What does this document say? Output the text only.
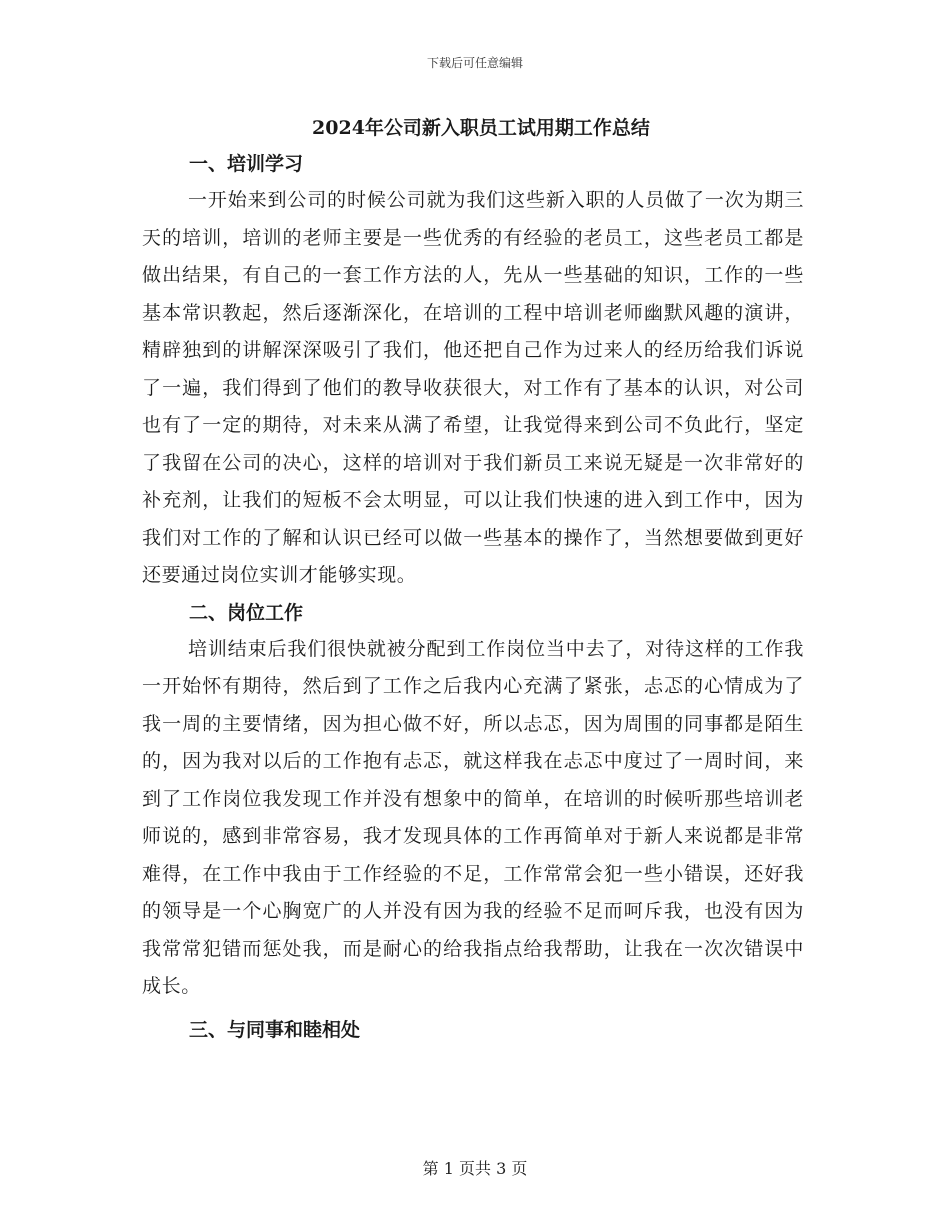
下载后可任意编辑
2024年公司新入职员工试用期工作总结
一、培训学习

一开始来到公司的时候公司就为我们这些新入职的人员做了一次为期三天的培训，培训的老师主要是一些优秀的有经验的老员工，这些老员工都是做出结果，有自己的一套工作方法的人，先从一些基础的知识，工作的一些基本常识教起，然后逐渐深化，在培训的工程中培训老师幽默风趣的演讲，精辟独到的讲解深深吸引了我们，他还把自己作为过来人的经历给我们诉说了一遍，我们得到了他们的教导收获很大，对工作有了基本的认识，对公司也有了一定的期待，对未来从满了希望，让我觉得来到公司不负此行，坚定了我留在公司的决心，这样的培训对于我们新员工来说无疑是一次非常好的补充剂，让我们的短板不会太明显，可以让我们快速的进入到工作中，因为我们对工作的了解和认识已经可以做一些基本的操作了，当然想要做到更好还要通过岗位实训才能够实现。

二、岗位工作

培训结束后我们很快就被分配到工作岗位当中去了，对待这样的工作我一开始怀有期待，然后到了工作之后我内心充满了紧张，忐忑的心情成为了我一周的主要情绪，因为担心做不好，所以忐忑，因为周围的同事都是陌生的，因为我对以后的工作抱有忐忑，就这样我在忐忑中度过了一周时间，来到了工作岗位我发现工作并没有想象中的简单，在培训的时候听那些培训老师说的，感到非常容易，我才发现具体的工作再简单对于新人来说都是非常难得，在工作中我由于工作经验的不足，工作常常会犯一些小错误，还好我的领导是一个心胸宽广的人并没有因为我的经验不足而呵斥我，也没有因为我常常犯错而惩处我，而是耐心的给我指点给我帮助，让我在一次次错误中成长。

三、与同事和睦相处
第 1 页共 3 页
